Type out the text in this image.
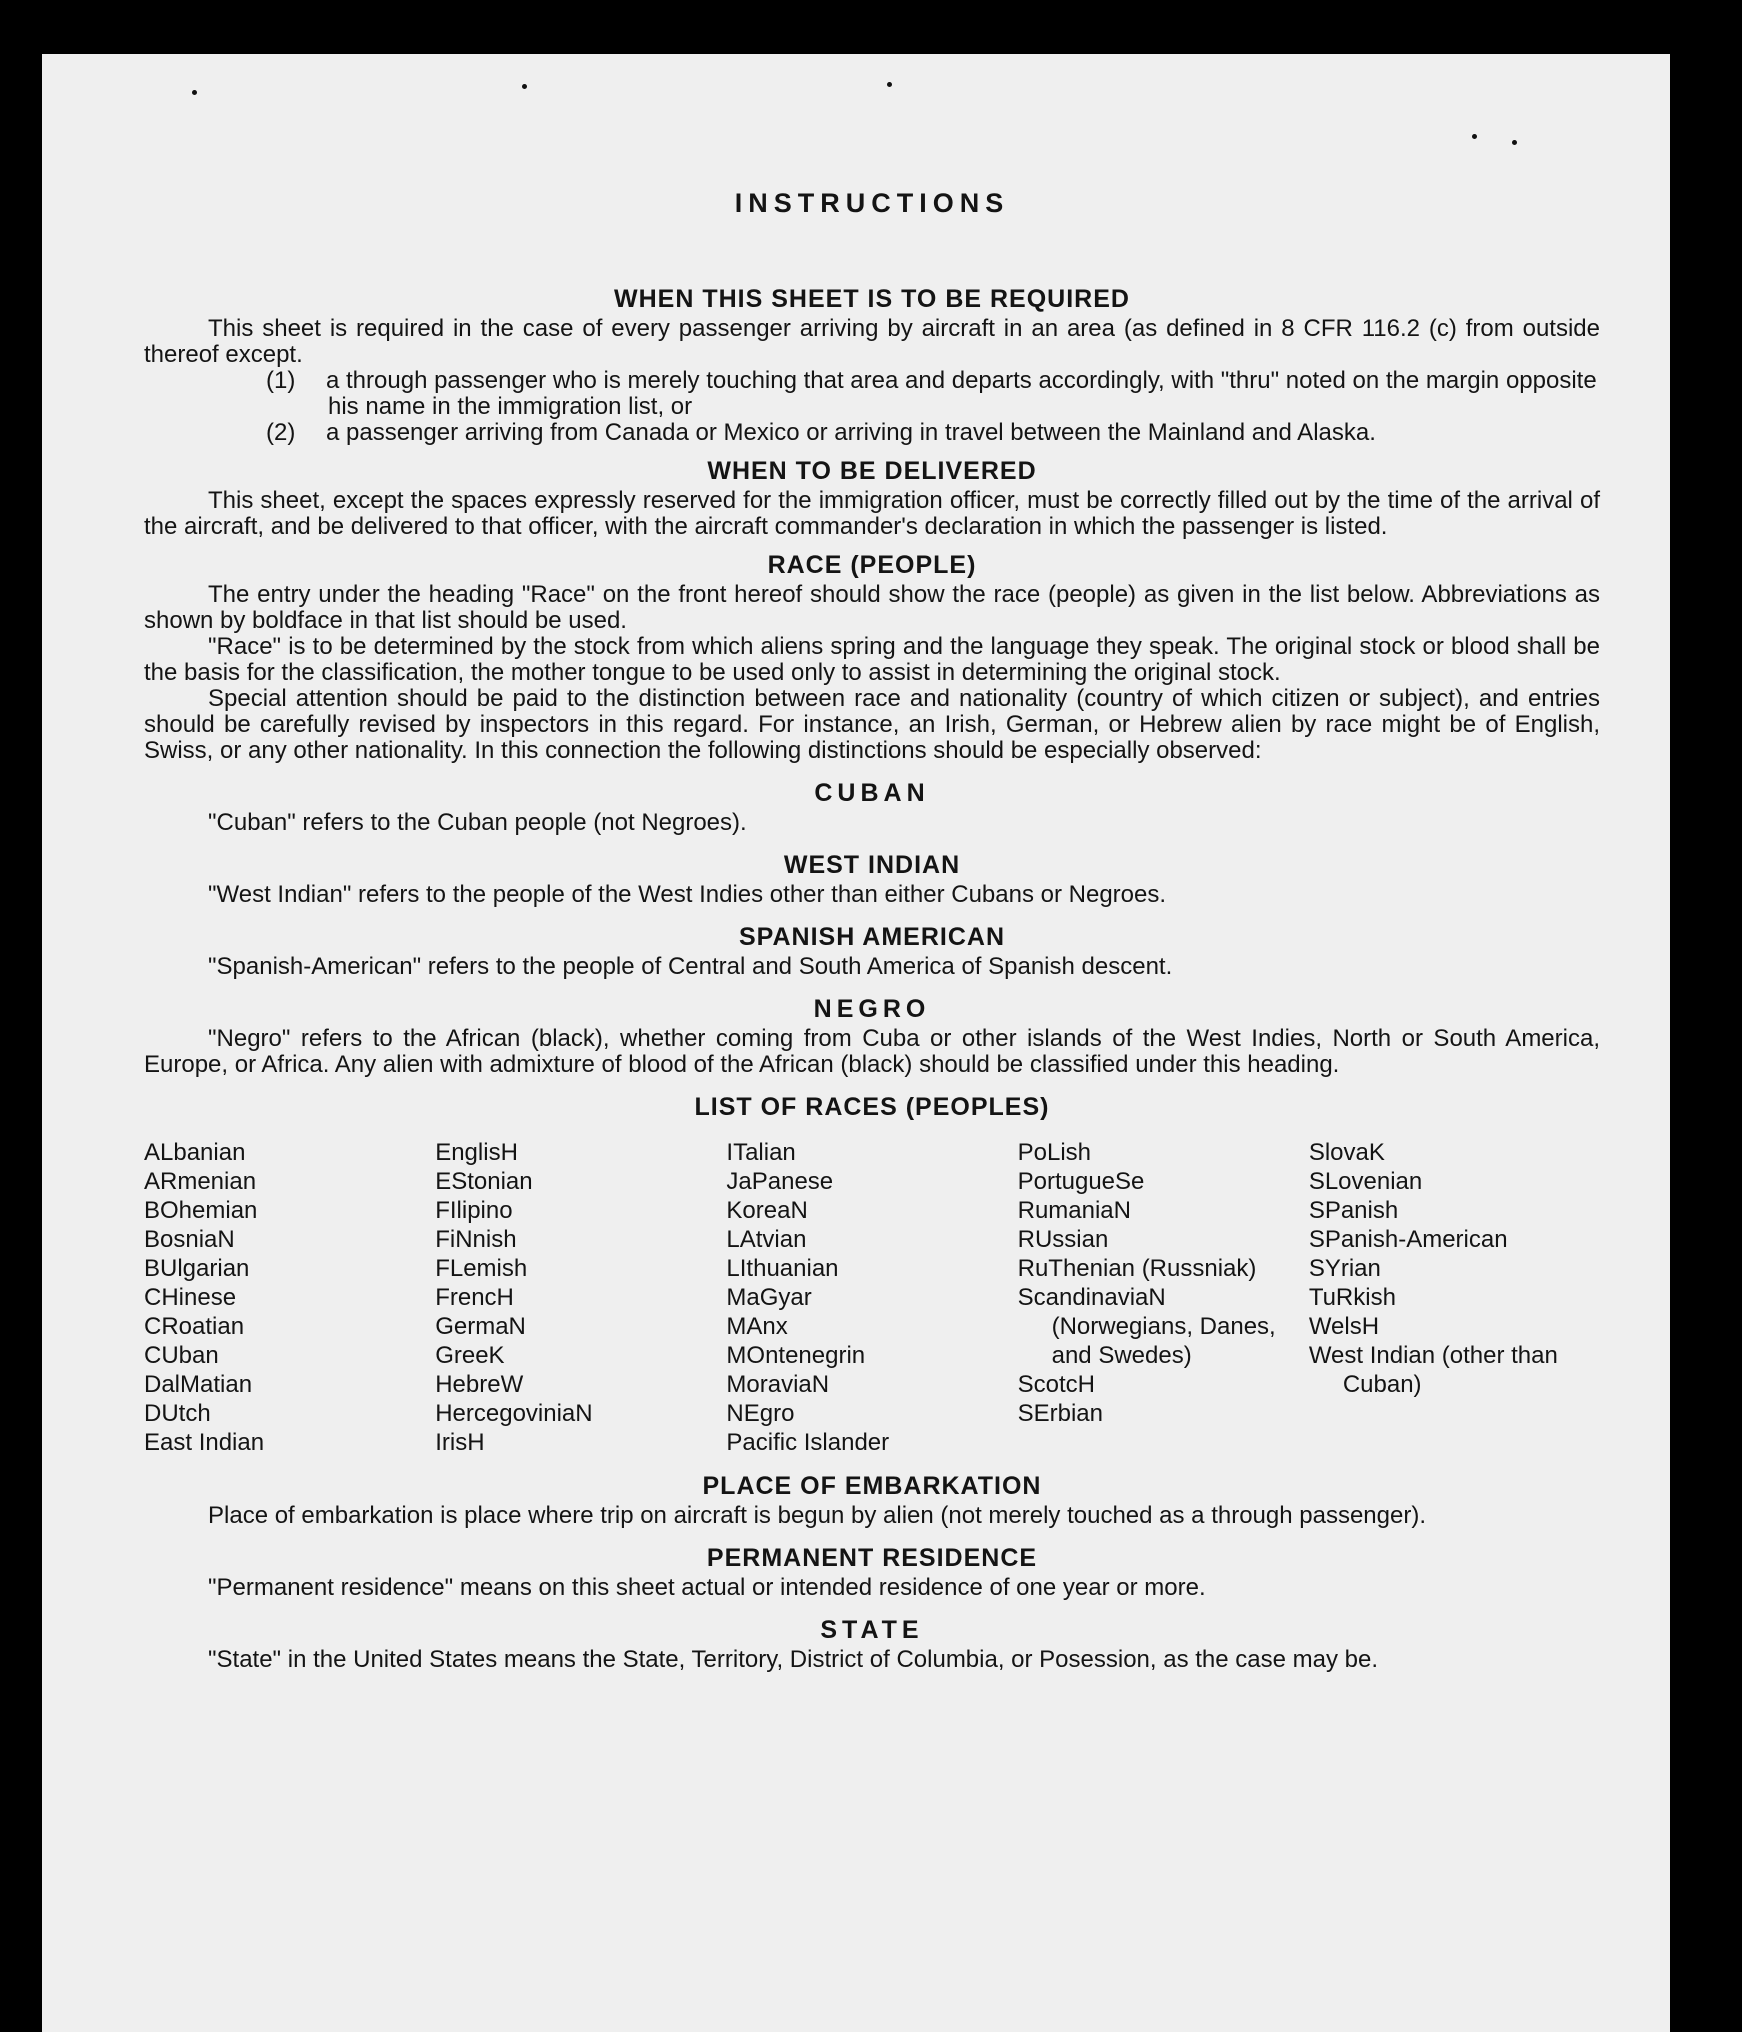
INSTRUCTIONS
WHEN THIS SHEET IS TO BE REQUIRED

This sheet is required in the case of every passenger arriving by aircraft in an area (as defined in 8 CFR 116.2 (c) from outside thereof except.

(1) a through passenger who is merely touching that area and departs accordingly, with "thru" noted on the margin opposite his name in the immigration list, or
(2) a passenger arriving from Canada or Mexico or arriving in travel between the Mainland and Alaska.
WHEN TO BE DELIVERED

This sheet, except the spaces expressly reserved for the immigration officer, must be correctly filled out by the time of the arrival of the aircraft, and be delivered to that officer, with the aircraft commander's declaration in which the passenger is listed.

RACE (PEOPLE)

The entry under the heading "Race" on the front hereof should show the race (people) as given in the list below. Abbreviations as shown by boldface in that list should be used.

"Race" is to be determined by the stock from which aliens spring and the language they speak. The original stock or blood shall be the basis for the classification, the mother tongue to be used only to assist in determining the original stock.

Special attention should be paid to the distinction between race and nationality (country of which citizen or subject), and entries should be carefully revised by inspectors in this regard. For instance, an Irish, German, or Hebrew alien by race might be of English, Swiss, or any other nationality. In this connection the following distinctions should be especially observed:

CUBAN

"Cuban" refers to the Cuban people (not Negroes).

WEST INDIAN

"West Indian" refers to the people of the West Indies other than either Cubans or Negroes.

SPANISH AMERICAN

"Spanish-American" refers to the people of Central and South America of Spanish descent.

NEGRO

"Negro" refers to the African (black), whether coming from Cuba or other islands of the West Indies, North or South America, Europe, or Africa. Any alien with admixture of blood of the African (black) should be classified under this heading.

LIST OF RACES (PEOPLES)
ALbanian
ARmenian
BOhemian
BosniaN
BUlgarian
CHinese
CRoatian
CUban
DalMatian
DUtch
East Indian
EnglisH
EStonian
FIlipino
FiNnish
FLemish
FrencH
GermaN
GreeK
HebreW
HercegoviniaN
IrisH
ITalian
JaPanese
KoreaN
LAtvian
LIthuanian
MaGyar
MAnx
MOntenegrin
MoraviaN
NEgro
Pacific Islander
PoLish
PortugueSe
RumaniaN
RUssian
RuThenian (Russniak)
ScandinaviaN (Norwegians, Danes, and Swedes)
ScotcH
SErbian
SlovaK
SLovenian
SPanish
SPanish-American
SYrian
TuRkish
WelsH
West Indian (other than Cuban)
PLACE OF EMBARKATION

Place of embarkation is place where trip on aircraft is begun by alien (not merely touched as a through passenger).

PERMANENT RESIDENCE

"Permanent residence" means on this sheet actual or intended residence of one year or more.

STATE

"State" in the United States means the State, Territory, District of Columbia, or Posession, as the case may be.
